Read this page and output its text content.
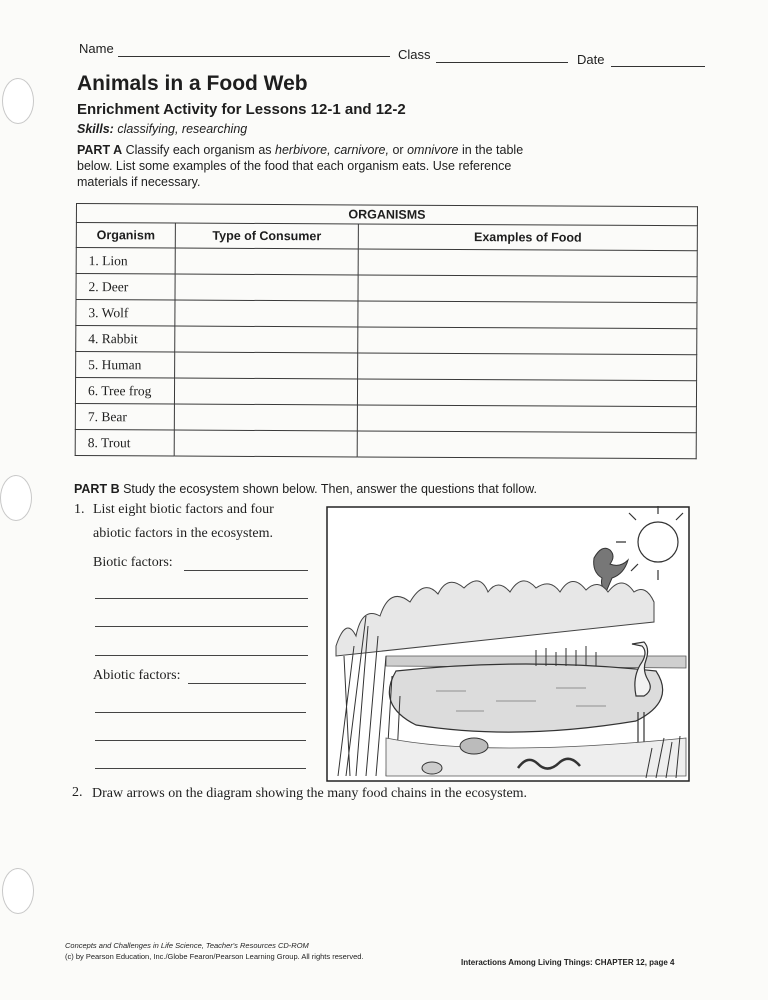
Name	Class	Date
Animals in a Food Web
Enrichment Activity for Lessons 12-1 and 12-2
Skills: classifying, researching
PART A Classify each organism as herbivore, carnivore, or omnivore in the table below. List some examples of the food that each organism eats. Use reference materials if necessary.
ORGANISMS		
Organism	Type of Consumer	Examples of Food
1. Lion		
2. Deer		
3. Wolf		
4. Rabbit		
5. Human		
6. Tree frog		
7. Bear		
8. Trout		
PART B Study the ecosystem shown below. Then, answer the questions that follow.
1. List eight biotic factors and four
abiotic factors in the ecosystem.
Biotic factors:
Abiotic factors:
2. Draw arrows on the diagram showing the many food chains in the ecosystem.
Concepts and Challenges in Life Science, Teacher's Resources CD-ROM
(c) by Pearson Education, Inc./Globe Fearon/Pearson Learning Group. All rights reserved.
Interactions Among Living Things: CHAPTER 12, page 4
